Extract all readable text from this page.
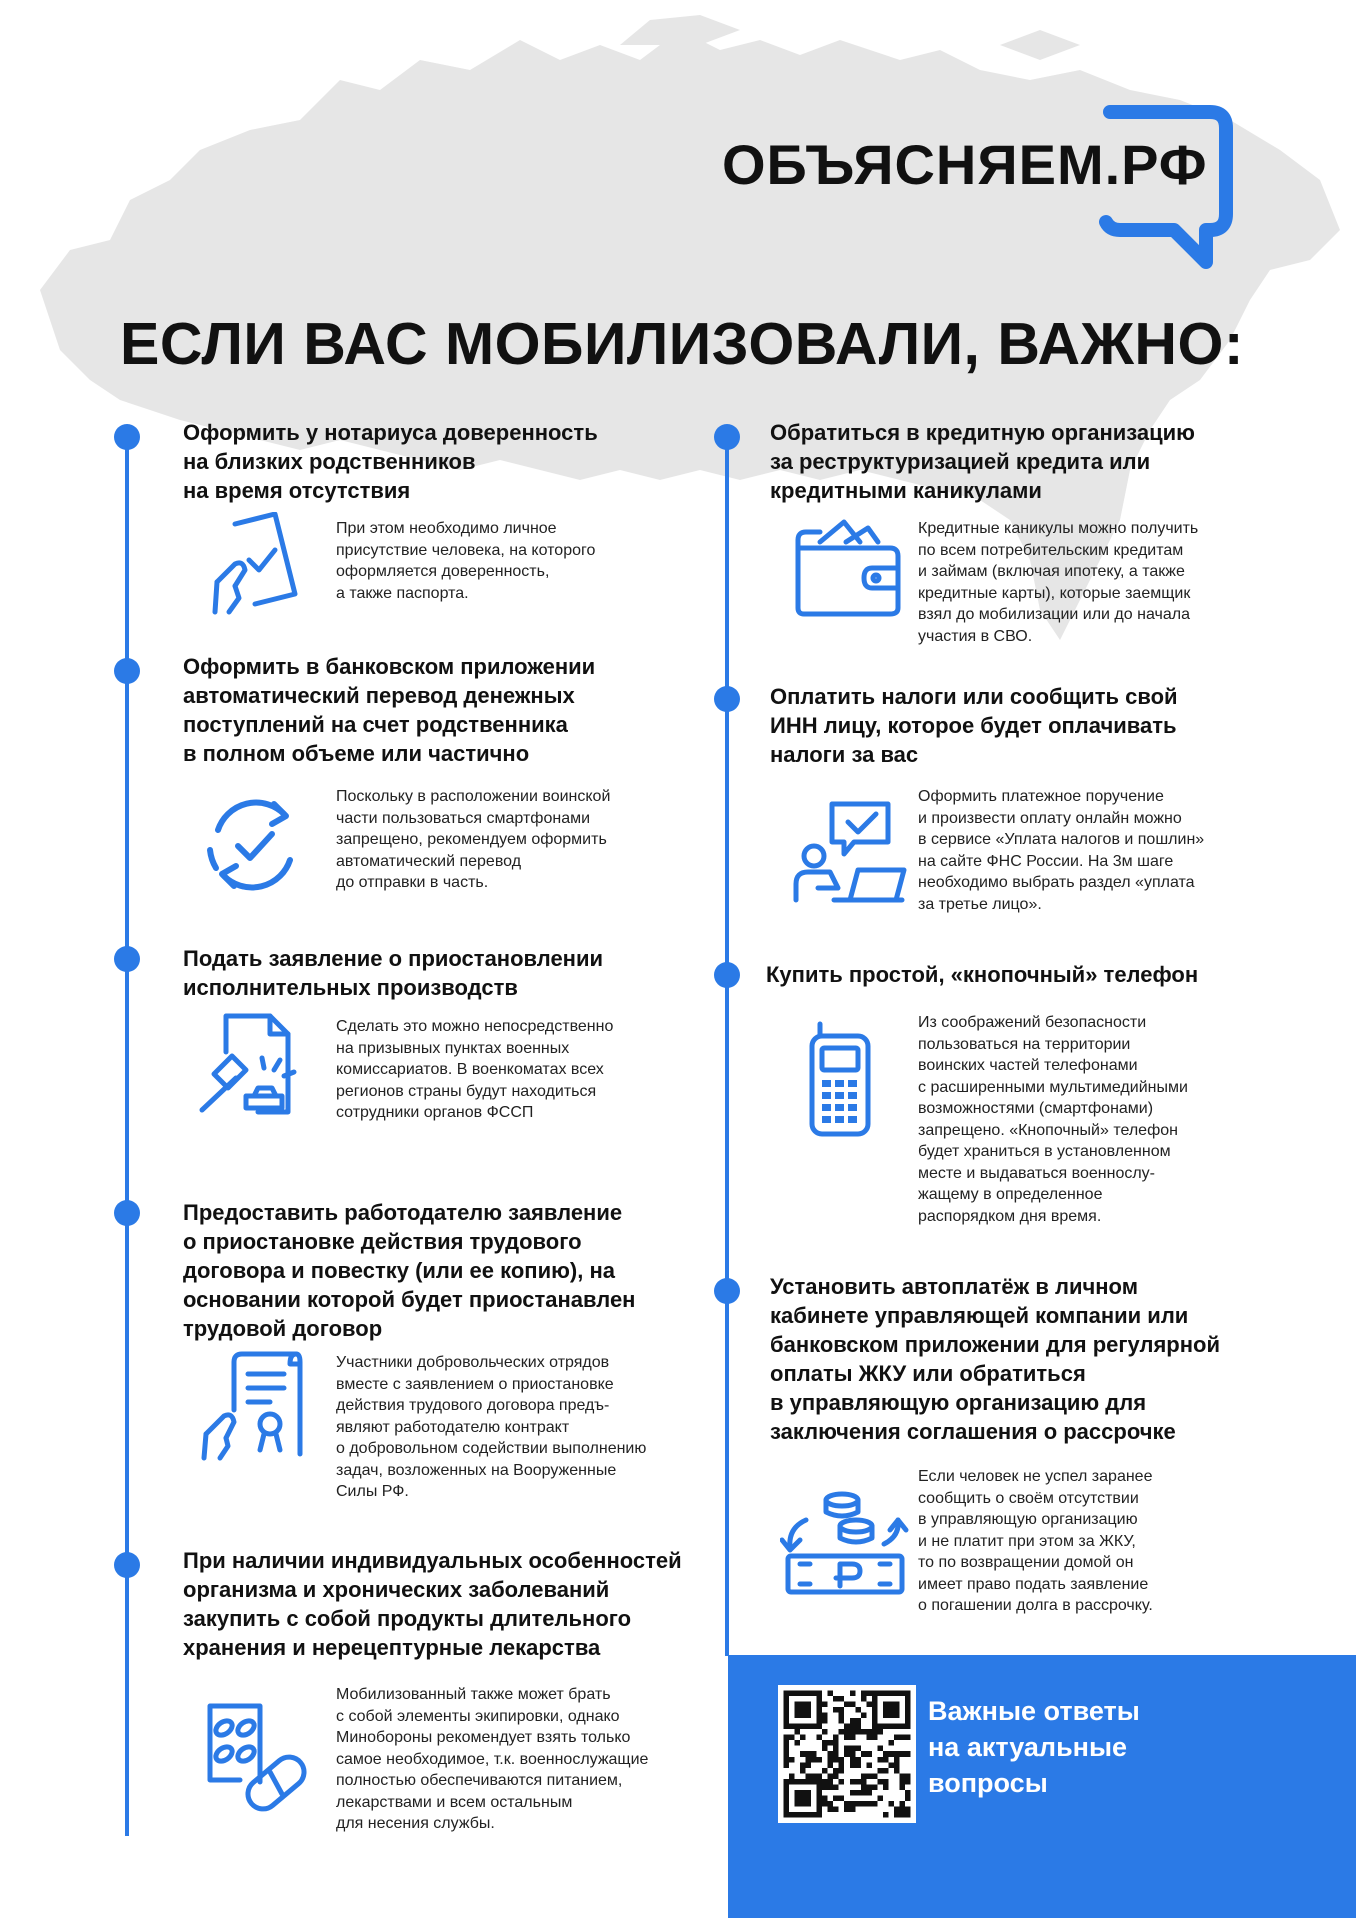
ОБЪЯСНЯЕМ.РФ
ЕСЛИ ВАС МОБИЛИЗОВАЛИ, ВАЖНО:
Оформить у нотариуса доверенность
на близких родственников
на время отсутствия
При этом необходимо личное
присутствие человека, на которого
оформляется доверенность,
а также паспорта.
Оформить в банковском приложении
автоматический перевод денежных
поступлений на счет родственника
в полном объеме или частично
Поскольку в расположении воинской
части пользоваться смартфонами
запрещено, рекомендуем оформить
автоматический перевод
до отправки в часть.
Подать заявление о приостановлении
исполнительных производств
Сделать это можно непосредственно
на призывных пунктах военных
комиссариатов. В военкоматах всех
регионов страны будут находиться
сотрудники органов ФССП
Предоставить работодателю заявление
о приостановке действия трудового
договора и повестку (или ее копию), на
основании которой будет приостанавлен
трудовой договор
Участники добровольческих отрядов
вместе с заявлением о приостановке
действия трудового договора предъ-
являют работодателю контракт
о добровольном содействии выполнению
задач, возложенных на Вооруженные
Силы РФ.
При наличии индивидуальных особенностей
организма и хронических заболеваний
закупить с собой продукты длительного
хранения и нерецептурные лекарства
Мобилизованный также может брать
с собой элементы экипировки, однако
Минобороны рекомендует взять только
самое необходимое, т.к. военнослужащие
полностью обеспечиваются питанием,
лекарствами и всем остальным
для несения службы.
Обратиться в кредитную организацию
за реструктуризацией кредита или
кредитными каникулами
Кредитные каникулы можно получить
по всем потребительским кредитам
и займам (включая ипотеку, а также
кредитные карты), которые заемщик
взял до мобилизации или до начала
участия в СВО.
Оплатить налоги или сообщить свой
ИНН лицу, которое будет оплачивать
налоги за вас
Оформить платежное поручение
и произвести оплату онлайн можно
в сервисе «Уплата налогов и пошлин»
на сайте ФНС России. На 3м шаге
необходимо выбрать раздел «уплата
за третье лицо».
Купить простой, «кнопочный» телефон
Из соображений безопасности
пользоваться на территории
воинских частей телефонами
с расширенными мультимедийными
возможностями (смартфонами)
запрещено. «Кнопочный» телефон
будет храниться в установленном
месте и выдаваться военнослу-
жащему в определенное
распорядком дня время.
Установить автоплатёж в личном
кабинете управляющей компании или
банковском приложении для регулярной
оплаты ЖКУ или обратиться
в управляющую организацию для
заключения соглашения о рассрочке
Если человек не успел заранее
сообщить о своём отсутствии
в управляющую организацию
и не платит при этом за ЖКУ,
то по возвращении домой он
имеет право подать заявление
о погашении долга в рассрочку.
Важные ответы
на актуальные
вопросы
